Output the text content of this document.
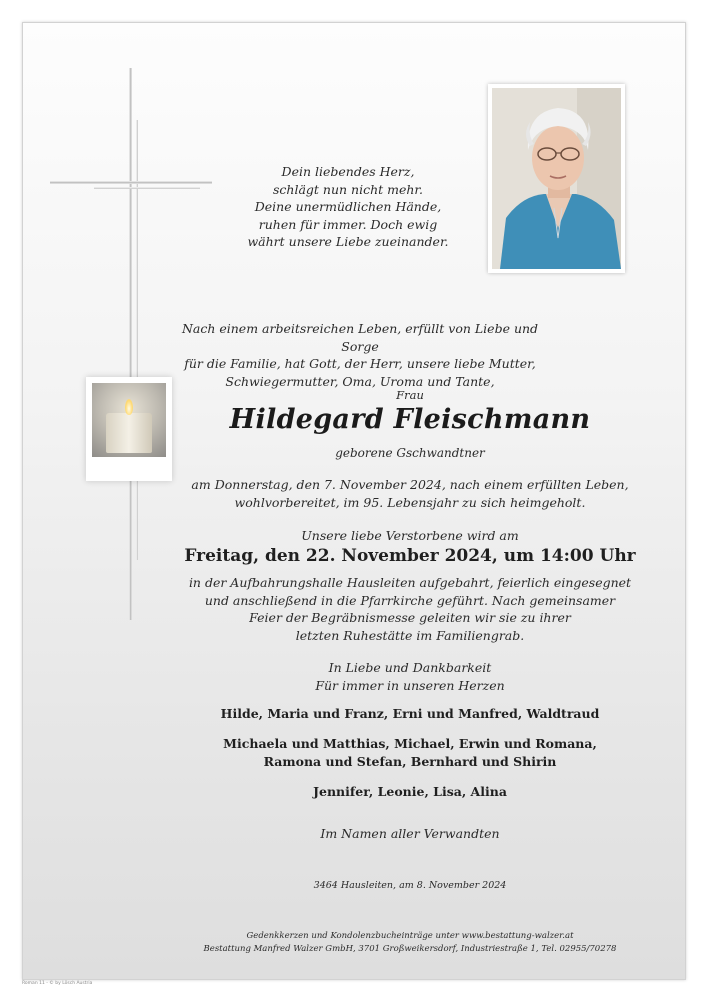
Dein liebendes Herz,
schlägt nun nicht mehr.
Deine unermüdlichen Hände,
ruhen für immer. Doch ewig
währt unsere Liebe zueinander.
Nach einem arbeitsreichen Leben, erfüllt von Liebe und Sorge
für die Familie, hat Gott, der Herr, unsere liebe Mutter,
Schwiegermutter, Oma, Uroma und Tante,
Frau
Hildegard Fleischmann
geborene Gschwandtner
am Donnerstag, den 7. November 2024, nach einem erfüllten Leben,
wohlvorbereitet, im 95. Lebensjahr zu sich heimgeholt.
Unsere liebe Verstorbene wird am
Freitag, den 22. November 2024, um 14:00 Uhr
in der Aufbahrungshalle Hausleiten aufgebahrt, feierlich eingesegnet
und anschließend in die Pfarrkirche geführt. Nach gemeinsamer
Feier der Begräbnismesse geleiten wir sie zu ihrer
letzten Ruhestätte im Familiengrab.
In Liebe und Dankbarkeit
Für immer in unseren Herzen
Hilde, Maria und Franz, Erni und Manfred, Waldtraud
Michaela und Matthias, Michael, Erwin und Romana,
Ramona und Stefan, Bernhard und Shirin
Jennifer, Leonie, Lisa, Alina
Im Namen aller Verwandten
3464 Hausleiten, am 8. November 2024
Gedenkkerzen und Kondolenzbucheinträge unter www.bestattung-walzer.at
Bestattung Manfred Walzer GmbH, 3701 Großweikersdorf, Industriestraße 1, Tel. 02955/70278
Roman 11 - © by Lösch Austria
